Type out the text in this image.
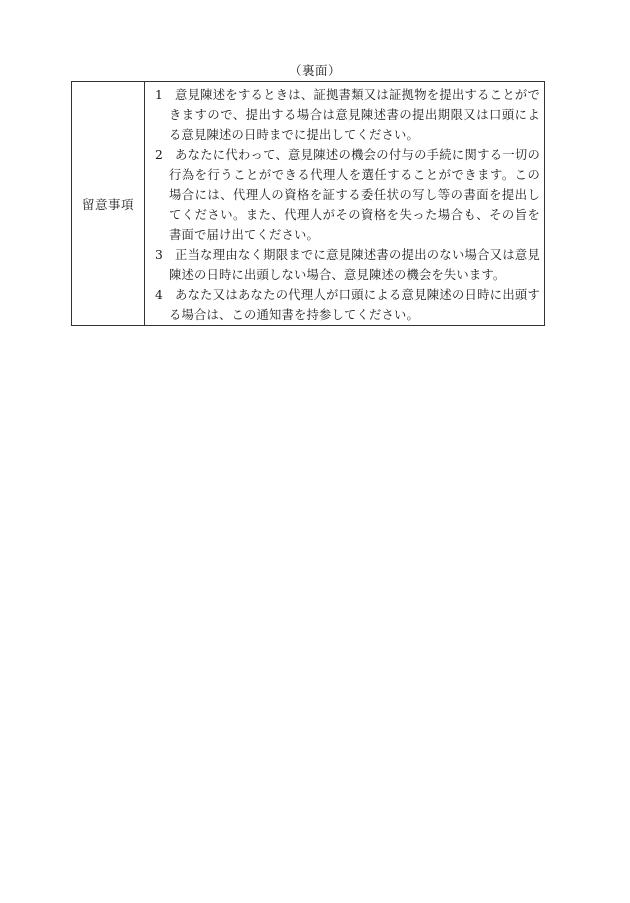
（裏面）
留意事項	
1 意見陳述をするときは、証拠書類又は証拠物を提出することができますので、提出する場合は意見陳述書の提出期限又は口頭による意見陳述の日時までに提出してください。
2 あなたに代わって、意見陳述の機会の付与の手続に関する一切の行為を行うことができる代理人を選任することができます。この場合には、代理人の資格を証する委任状の写し等の書面を提出してください。また、代理人がその資格を失った場合も、その旨を書面で届け出てください。
3 正当な理由なく期限までに意見陳述書の提出のない場合又は意見陳述の日時に出頭しない場合、意見陳述の機会を失います。
4 あなた又はあなたの代理人が口頭による意見陳述の日時に出頭する場合は、この通知書を持参してください。
